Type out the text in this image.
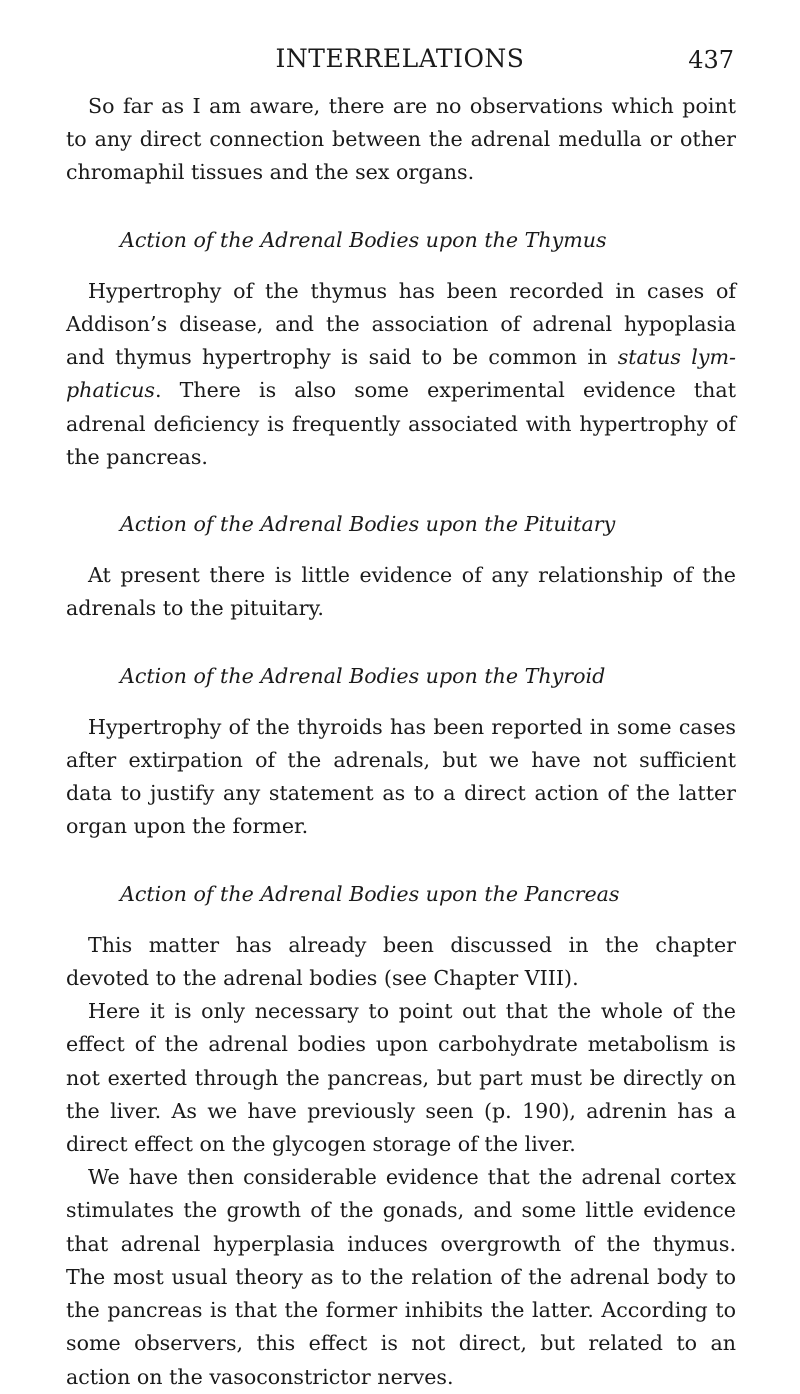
INTERRELATIONS	437

So far as I am aware, there are no observations which point to any direct connection between the adrenal medulla or other chromaphil tissues and the sex organs.

Action of the Adrenal Bodies upon the Thymus

Hypertrophy of the thymus has been recorded in cases of Addison’s disease, and the association of adrenal hypoplasia and thymus hypertrophy is said to be common in status lym-phaticus. There is also some experimental evidence that adrenal deficiency is frequently associated with hypertrophy of the pancreas.

Action of the Adrenal Bodies upon the Pituitary

At present there is little evidence of any relationship of the adrenals to the pituitary.

Action of the Adrenal Bodies upon the Thyroid

Hypertrophy of the thyroids has been reported in some cases after extirpation of the adrenals, but we have not sufficient data to justify any statement as to a direct action of the latter organ upon the former.

Action of the Adrenal Bodies upon the Pancreas

This matter has already been discussed in the chapter devoted to the adrenal bodies (see Chapter VIII).

Here it is only necessary to point out that the whole of the effect of the adrenal bodies upon carbohydrate metabolism is not exerted through the pancreas, but part must be directly on the liver. As we have previously seen (p. 190), adrenin has a direct effect on the glycogen storage of the liver.

We have then considerable evidence that the adrenal cortex stimulates the growth of the gonads, and some little evidence that adrenal hyperplasia induces overgrowth of the thymus. The most usual theory as to the relation of the adrenal body to the pancreas is that the former inhibits the latter. According to some observers, this effect is not direct, but related to an action on the vasoconstrictor nerves.
